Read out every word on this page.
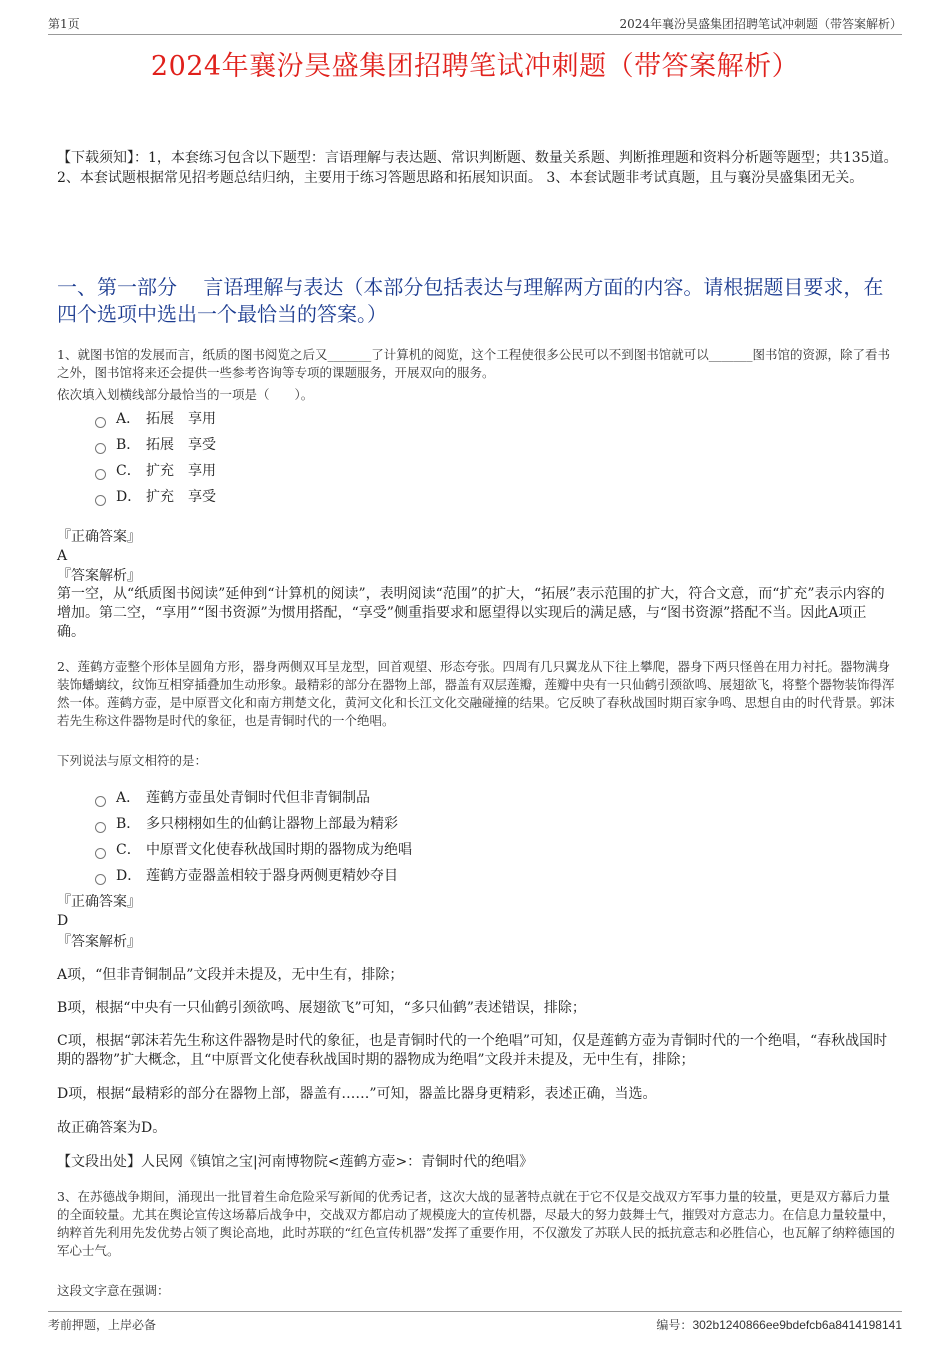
第1页	2024年襄汾昊盛集团招聘笔试冲刺题（带答案解析）
2024年襄汾昊盛集团招聘笔试冲刺题（带答案解析）
【下载须知】：1，本套练习包含以下题型：言语理解与表达题、常识判断题、数量关系题、判断推理题和资料分析题等题型；共135道。 2、本套试题根据常见招考题总结归纳，主要用于练习答题思路和拓展知识面。 3、本套试题非考试真题，且与襄汾昊盛集团无关。
一、第一部分　 言语理解与表达（本部分包括表达与理解两方面的内容。请根据题目要求，在四个选项中选出一个最恰当的答案。）
1、就图书馆的发展而言，纸质的图书阅览之后又_______了计算机的阅览，这个工程使很多公民可以不到图书馆就可以_______图书馆的资源，除了看书之外，图书馆将来还会提供一些参考咨询等专项的课题服务，开展双向的服务。
依次填入划横线部分最恰当的一项是（　　）。
A． 拓展　享用
B． 拓展　享受
C． 扩充　享用
D． 扩充　享受
『正确答案』
A
『答案解析』
第一空，从“纸质图书阅读”延伸到“计算机的阅读”，表明阅读“范围”的扩大，“拓展”表示范围的扩大，符合文意，而“扩充”表示内容的增加。第二空，“享用”“图书资源”为惯用搭配，“享受”侧重指要求和愿望得以实现后的满足感，与“图书资源”搭配不当。因此A项正确。
2、莲鹤方壶整个形体呈圆角方形，器身两侧双耳呈龙型，回首观望、形态夸张。四周有几只翼龙从下往上攀爬，器身下两只怪兽在用力衬托。器物满身装饰蟠螭纹，纹饰互相穿插叠加生动形象。最精彩的部分在器物上部，器盖有双层莲瓣，莲瓣中央有一只仙鹤引颈欲鸣、展翅欲飞，将整个器物装饰得浑然一体。莲鹤方壶，是中原晋文化和南方荆楚文化，黄河文化和长江文化交融碰撞的结果。它反映了春秋战国时期百家争鸣、思想自由的时代背景。郭沫若先生称这件器物是时代的象征，也是青铜时代的一个绝唱。
下列说法与原文相符的是：
A． 莲鹤方壶虽处青铜时代但非青铜制品
B． 多只栩栩如生的仙鹤让器物上部最为精彩
C． 中原晋文化使春秋战国时期的器物成为绝唱
D． 莲鹤方壶器盖相较于器身两侧更精妙夺目
『正确答案』
D
『答案解析』
A项，“但非青铜制品”文段并未提及，无中生有，排除；
B项，根据“中央有一只仙鹤引颈欲鸣、展翅欲飞”可知，“多只仙鹤”表述错误，排除；
C项，根据“郭沫若先生称这件器物是时代的象征，也是青铜时代的一个绝唱”可知，仅是莲鹤方壶为青铜时代的一个绝唱，“春秋战国时期的器物”扩大概念，且“中原晋文化使春秋战国时期的器物成为绝唱”文段并未提及，无中生有，排除；
D项，根据“最精彩的部分在器物上部，器盖有……”可知，器盖比器身更精彩，表述正确，当选。
故正确答案为D。
【文段出处】人民网《镇馆之宝|河南博物院<莲鹤方壶>：青铜时代的绝唱》
3、在苏德战争期间，涌现出一批冒着生命危险采写新闻的优秀记者，这次大战的显著特点就在于它不仅是交战双方军事力量的较量，更是双方幕后力量的全面较量。尤其在舆论宣传这场幕后战争中，交战双方都启动了规模庞大的宣传机器，尽最大的努力鼓舞士气，摧毁对方意志力。在信息力量较量中，纳粹首先利用先发优势占领了舆论高地，此时苏联的“红色宣传机器”发挥了重要作用，不仅激发了苏联人民的抵抗意志和必胜信心，也瓦解了纳粹德国的军心士气。
这段文字意在强调：
考前押题，上岸必备	编号：302b1240866ee9bdefcb6a8414198141
